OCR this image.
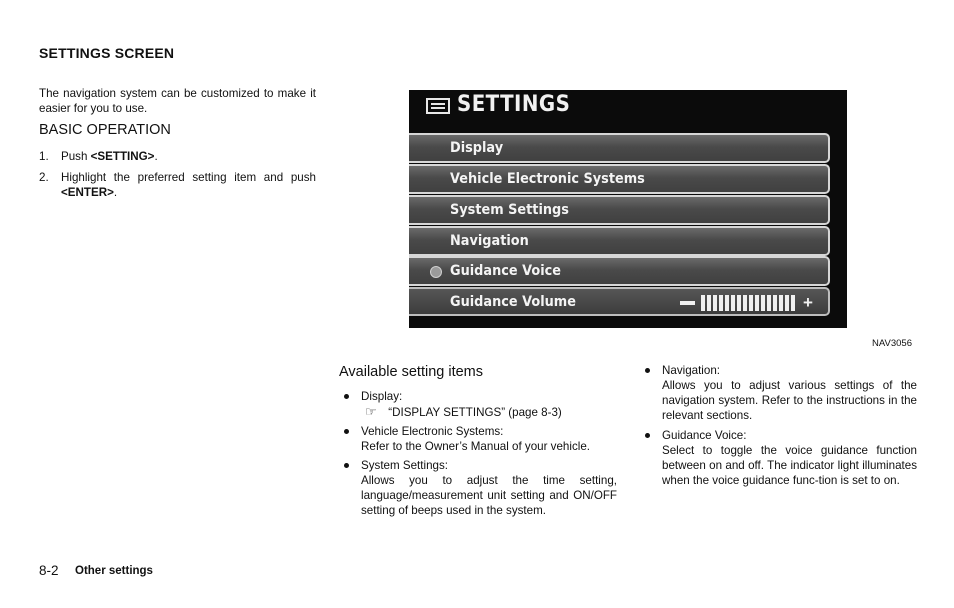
SETTINGS SCREEN
The navigation system can be customized to make it easier for you to use.
BASIC OPERATION
1. Push <SETTING>.
2. Highlight the preferred setting item and push <ENTER>.
SETTINGS
Display
Vehicle Electronic Systems
System Settings
Navigation
Guidance Voice
Guidance Volume	+
NAV3056
Available setting items
Display:
☞ “DISPLAY SETTINGS” (page 8-3)
Vehicle Electronic Systems:
Refer to the Owner’s Manual of your vehicle.
System Settings:
Allows you to adjust the time setting, language/measurement unit setting and ON/OFF setting of beeps used in the system.
Navigation:
Allows you to adjust various settings of the navigation system. Refer to the instructions in the relevant sections.
Guidance Voice:
Select to toggle the voice guidance function between on and off. The indicator light illuminates when the voice guidance func-tion is set to on.
8-2 Other settings
